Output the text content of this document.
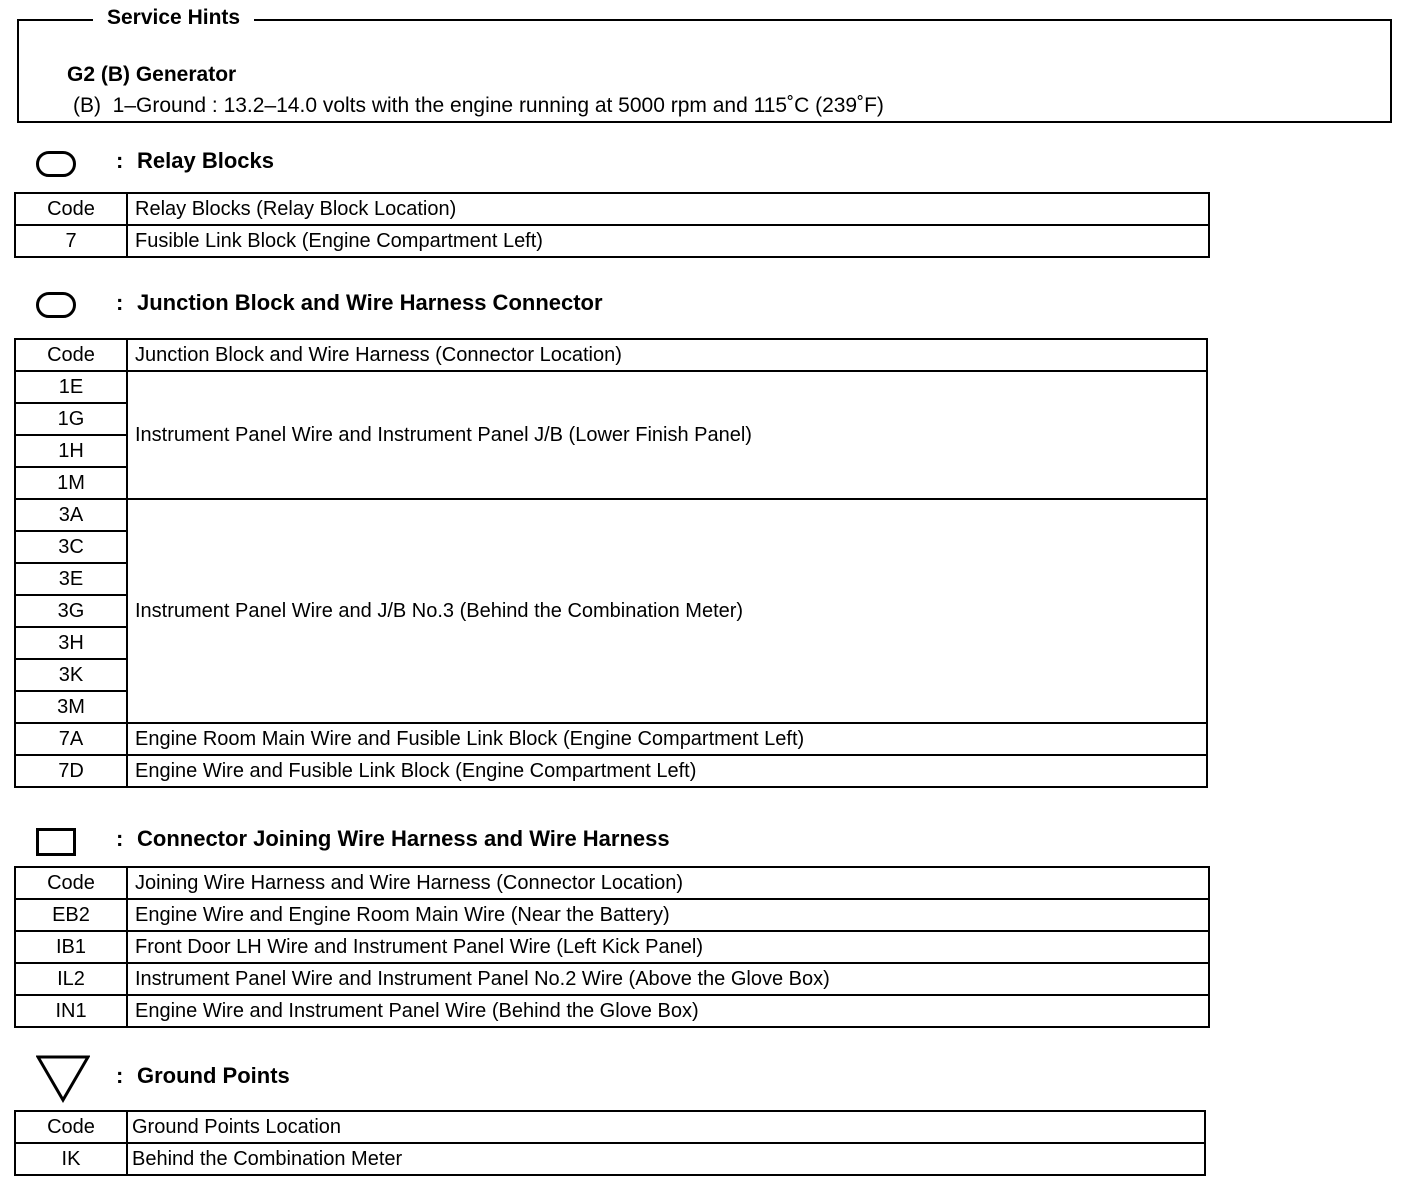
G2 (B) Generator
(B)  1–Ground : 13.2–14.0 volts with the engine running at 5000 rpm and 115˚C (239˚F)
Service Hints
: Relay Blocks
Code	Relay Blocks (Relay Block Location)
7	Fusible Link Block (Engine Compartment Left)
: Junction Block and Wire Harness Connector
Code	Junction Block and Wire Harness (Connector Location)
1E	Instrument Panel Wire and Instrument Panel J/B (Lower Finish Panel)
1G	
1H	
1M	
3A	Instrument Panel Wire and J/B No.3 (Behind the Combination Meter)
3C	
3E	
3G	
3H	
3K	
3M	
7A	Engine Room Main Wire and Fusible Link Block (Engine Compartment Left)
7D	Engine Wire and Fusible Link Block (Engine Compartment Left)
: Connector Joining Wire Harness and Wire Harness
Code	Joining Wire Harness and Wire Harness (Connector Location)
EB2	Engine Wire and Engine Room Main Wire (Near the Battery)
IB1	Front Door LH Wire and Instrument Panel Wire (Left Kick Panel)
IL2	Instrument Panel Wire and Instrument Panel No.2 Wire (Above the Glove Box)
IN1	Engine Wire and Instrument Panel Wire (Behind the Glove Box)
: Ground Points
Code	Ground Points Location
IK	Behind the Combination Meter
